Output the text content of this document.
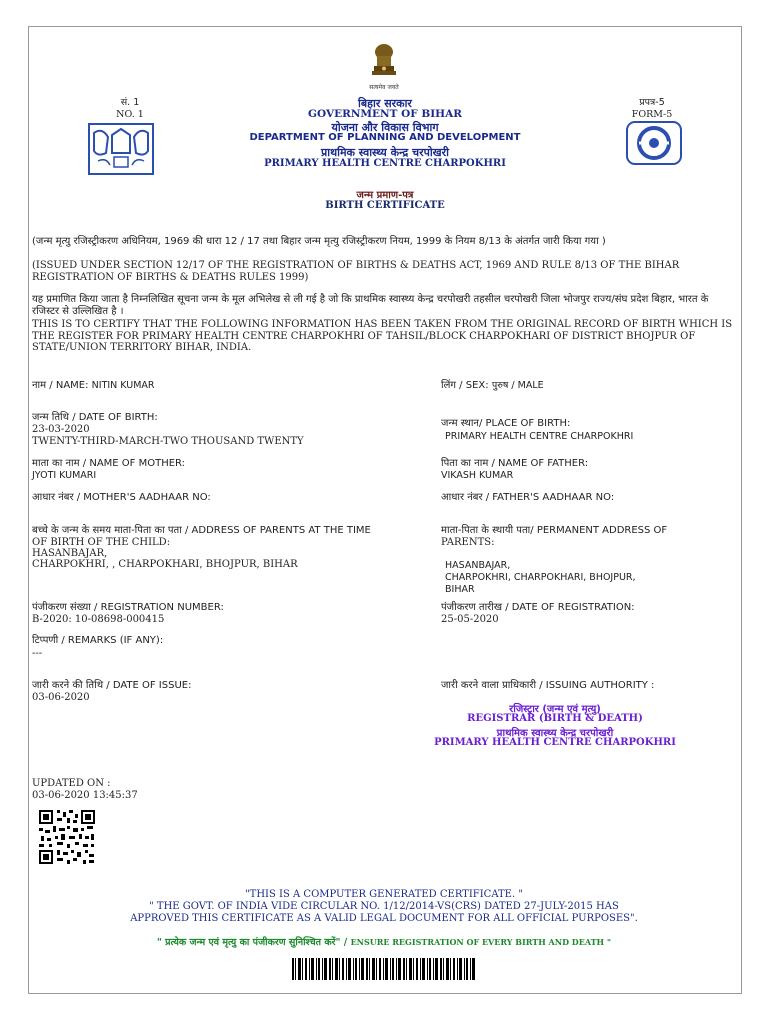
सत्यमेव जयते
सं. 1
NO. 1
प्रपत्र-5
FORM-5
बिहार सरकार
GOVERNMENT OF BIHAR
योजना और विकास विभाग
DEPARTMENT OF PLANNING AND DEVELOPMENT
प्राथमिक स्वास्थ्य केन्द्र चरपोखरी
PRIMARY HEALTH CENTRE CHARPOKHRI
जन्म प्रमाण-पत्र
BIRTH CERTIFICATE
(जन्म मृत्यु रजिस्ट्रीकरण अधिनियम, 1969 की धारा 12 / 17 तथा बिहार जन्म मृत्यु रजिस्ट्रीकरण नियम, 1999 के नियम 8/13 के अंतर्गत जारी किया गया )
(ISSUED UNDER SECTION 12/17 OF THE REGISTRATION OF BIRTHS & DEATHS ACT, 1969 AND RULE 8/13 OF THE BIHAR REGISTRATION OF BIRTHS & DEATHS RULES 1999)
यह प्रमाणित किया जाता है निम्नलिखित सूचना जन्म के मूल अभिलेख से ली गई है जो कि प्राथमिक स्वास्थ्य केन्द्र चरपोखरी तहसील चरपोखरी जिला भोजपुर राज्य/संघ प्रदेश बिहार, भारत के रजिस्टर से उल्लिखित है ।
THIS IS TO CERTIFY THAT THE FOLLOWING INFORMATION HAS BEEN TAKEN FROM THE ORIGINAL RECORD OF BIRTH WHICH IS THE REGISTER FOR PRIMARY HEALTH CENTRE CHARPOKHRI OF TAHSIL/BLOCK CHARPOKHARI OF DISTRICT BHOJPUR OF STATE/UNION TERRITORY BIHAR, INDIA.
नाम / NAME: NITIN KUMAR	लिंग / SEX: पुरुष / MALE
जन्म तिथि / DATE OF BIRTH:
23-03-2020
TWENTY-THIRD-MARCH-TWO THOUSAND TWENTY
जन्म स्थान/ PLACE OF BIRTH:
PRIMARY HEALTH CENTRE CHARPOKHRI
माता का नाम / NAME OF MOTHER:
JYOTI KUMARI
पिता का नाम / NAME OF FATHER:
VIKASH KUMAR
आधार नंबर / MOTHER'S AADHAAR NO:	आधार नंबर / FATHER'S AADHAAR NO:
बच्चे के जन्म के समय माता-पिता का पता / ADDRESS OF PARENTS AT THE TIME
OF BIRTH OF THE CHILD:
HASANBAJAR,
CHARPOKHRI, , CHARPOKHARI, BHOJPUR, BIHAR
माता-पिता के स्थायी पता/ PERMANENT ADDRESS OF
PARENTS:
HASANBAJAR,
CHARPOKHRI, CHARPOKHARI, BHOJPUR,
BIHAR
पंजीकरण संख्या / REGISTRATION NUMBER:
B-2020: 10-08698-000415
पंजीकरण तारीख / DATE OF REGISTRATION:
25-05-2020
टिप्पणी / REMARKS (IF ANY):
---
जारी करने की तिथि / DATE OF ISSUE:
03-06-2020
जारी करने वाला प्राधिकारी / ISSUING AUTHORITY :
रजिस्ट्रार (जन्म एवं मृत्यु)
REGISTRAR (BIRTH & DEATH)
प्राथमिक स्वास्थ्य केन्द्र चरपोखरी
PRIMARY HEALTH CENTRE CHARPOKHRI
UPDATED ON :
03-06-2020 13:45:37
"THIS IS A COMPUTER GENERATED CERTIFICATE. "
" THE GOVT. OF INDIA VIDE CIRCULAR NO. 1/12/2014-VS(CRS) DATED 27-JULY-2015 HAS
APPROVED THIS CERTIFICATE AS A VALID LEGAL DOCUMENT FOR ALL OFFICIAL PURPOSES".
" प्रत्येक जन्म एवं मृत्यु का पंजीकरण सुनिश्चित करें" / ENSURE REGISTRATION OF EVERY BIRTH AND DEATH "
